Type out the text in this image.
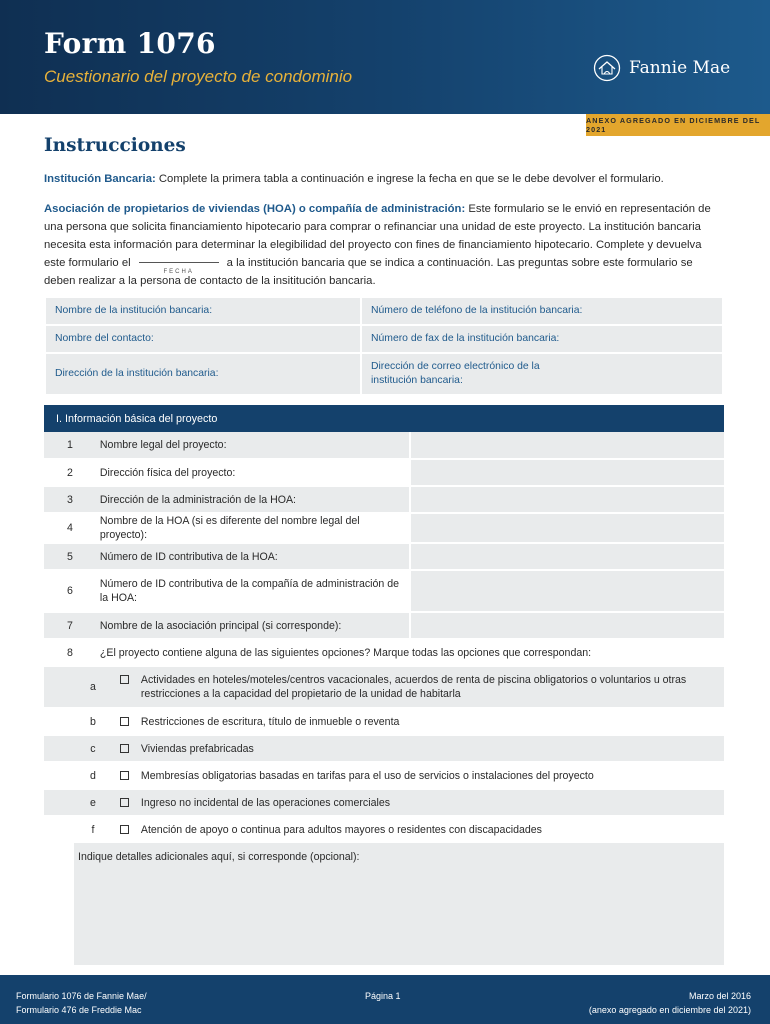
Form 1076
Cuestionario del proyecto de condominio	Fannie Mae
ANEXO AGREGADO EN DICIEMBRE DEL 2021
Instrucciones
Institución Bancaria: Complete la primera tabla a continuación e ingrese la fecha en que se le debe devolver el formulario.
Asociación de propietarios de viviendas (HOA) o compañía de administración: Este formulario se le envió en representación de una persona que solicita financiamiento hipotecario para comprar o refinanciar una unidad de este proyecto. La institución bancaria necesita esta información para determinar la elegibilidad del proyecto con fines de financiamiento hipotecario. Complete y devuelva este formulario el
FECHA
a la institución bancaria que se indica a continuación. Las preguntas sobre este formulario se deben realizar a la persona de contacto de la insititución bancaria.
Nombre de la institución bancaria:	Número de teléfono de la institución bancaria:
Nombre del contacto:	Número de fax de la institución bancaria:
Dirección de la institución bancaria:	Dirección de correo electrónico de la institución bancaria:
I. Información básica del proyecto		
1	Nombre legal del proyecto:	
2	Dirección física del proyecto:	
3	Dirección de la administración de la HOA:	
4	Nombre de la HOA (si es diferente del nombre legal del proyecto):	
5	Número de ID contributiva de la HOA:	
6	Número de ID contributiva de la compañía de administración de la HOA:	
7	Nombre de la asociación principal (si corresponde):	
8	¿El proyecto contiene alguna de las siguientes opciones? Marque todas las opciones que correspondan:	
a	Actividades en hoteles/moteles/centros vacacionales, acuerdos de renta de piscina obligatorios o voluntarios u otras restricciones a la capacidad del propietario de la unidad de habitarla	

b	Restricciones de escritura, título de inmueble o reventa	

c	Viviendas prefabricadas	

d	Membresías obligatorias basadas en tarifas para el uso de servicios o instalaciones del proyecto	

e	Ingreso no incidental de las operaciones comerciales	

f	Atención de apoyo o continua para adultos mayores o residentes con discapacidades	
Indique detalles adicionales aquí, si corresponde (opcional):
Formulario 1076 de Fannie Mae/
Formulario 476 de Freddie Mac
Página 1	Marzo del 2016
(anexo agregado en diciembre del 2021)
